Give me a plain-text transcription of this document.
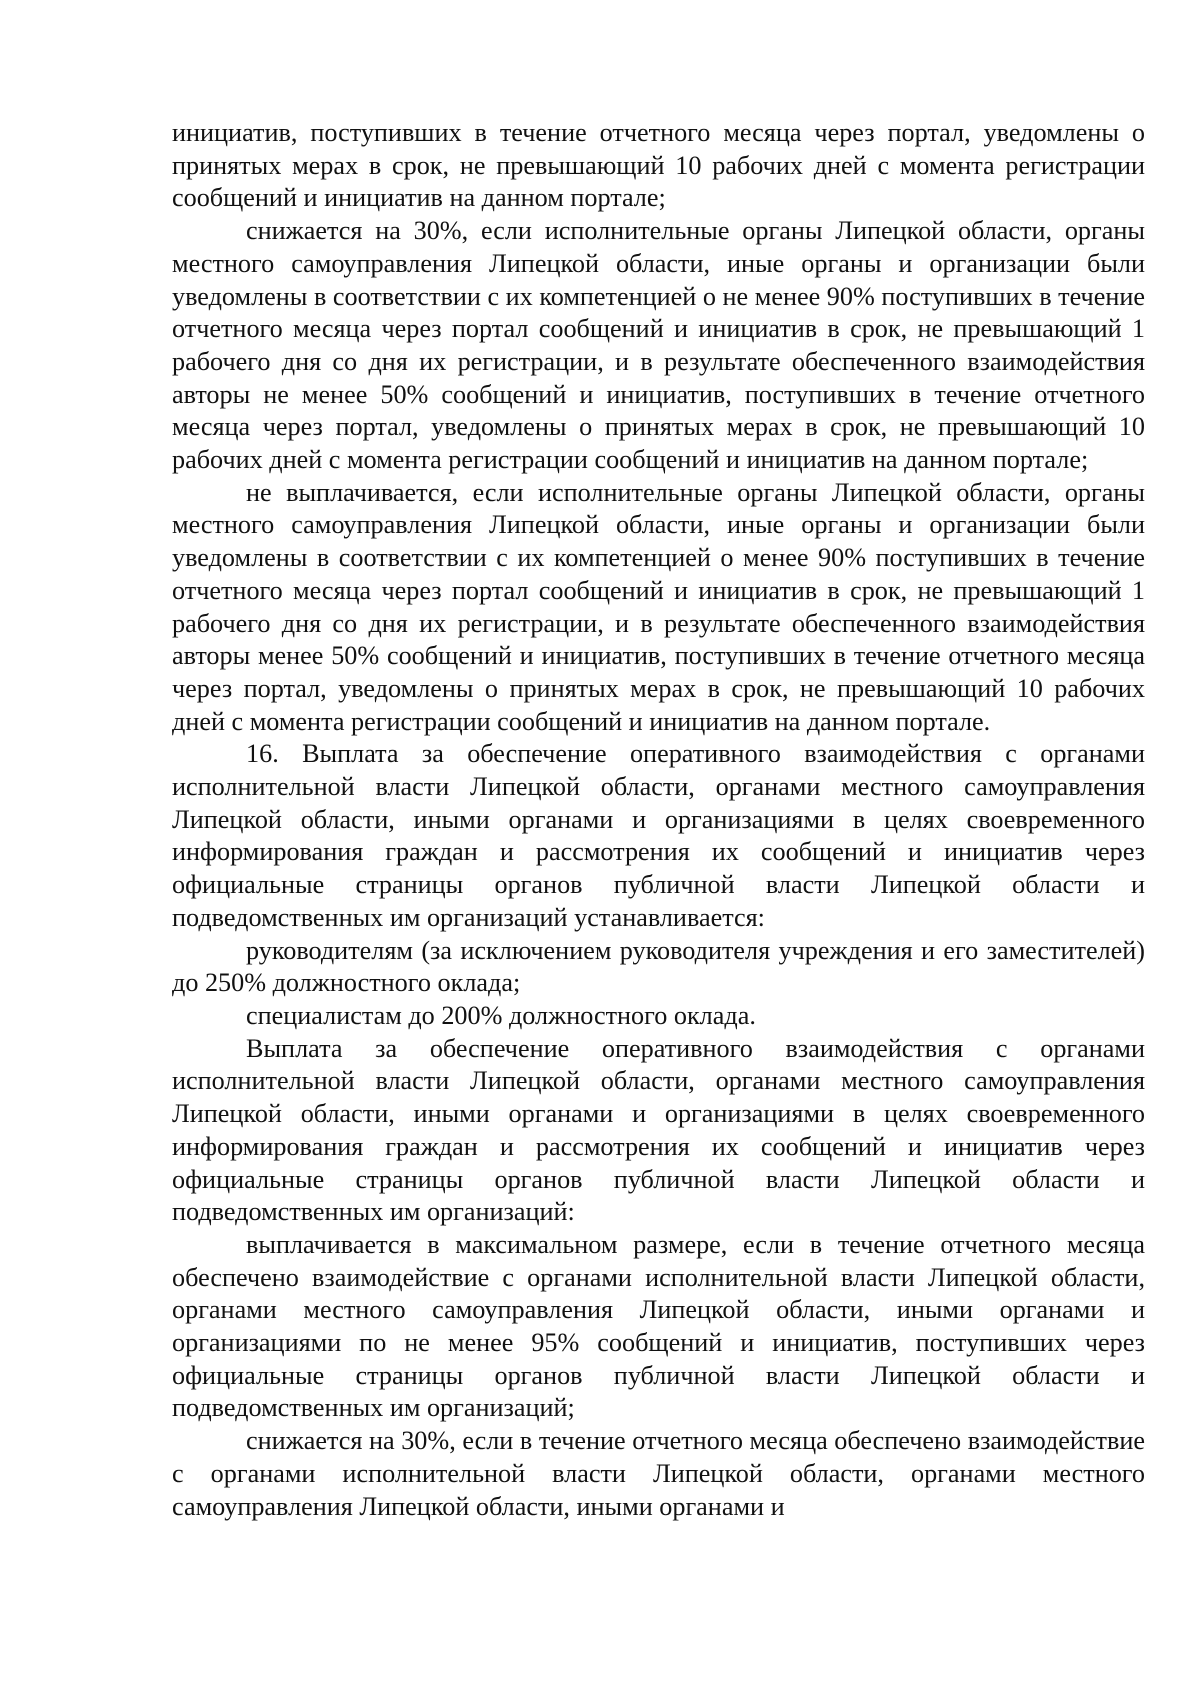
инициатив, поступивших в течение отчетного месяца через портал, уведомлены о принятых мерах в срок, не превышающий 10 рабочих дней с момента регистрации сообщений и инициатив на данном портале;

снижается на 30%, если исполнительные органы Липецкой области, органы местного самоуправления Липецкой области, иные органы и организации были уведомлены в соответствии с их компетенцией о не менее 90% поступивших в течение отчетного месяца через портал сообщений и инициатив в срок, не превышающий 1 рабочего дня со дня их регистрации, и в результате обеспеченного взаимодействия авторы не менее 50% сообщений и инициатив, поступивших в течение отчетного месяца через портал, уведомлены о принятых мерах в срок, не превышающий 10 рабочих дней с момента регистрации сообщений и инициатив на данном портале;

не выплачивается, если исполнительные органы Липецкой области, органы местного самоуправления Липецкой области, иные органы и организации были уведомлены в соответствии с их компетенцией о менее 90% поступивших в течение отчетного месяца через портал сообщений и инициатив в срок, не превышающий 1 рабочего дня со дня их регистрации, и в результате обеспеченного взаимодействия авторы менее 50% сообщений и инициатив, поступивших в течение отчетного месяца через портал, уведомлены о принятых мерах в срок, не превышающий 10 рабочих дней с момента регистрации сообщений и инициатив на данном портале.

16. Выплата за обеспечение оперативного взаимодействия с органами исполнительной власти Липецкой области, органами местного самоуправления Липецкой области, иными органами и организациями в целях своевременного информирования граждан и рассмотрения их сообщений и инициатив через официальные страницы органов публичной власти Липецкой области и подведомственных им организаций устанавливается:

руководителям (за исключением руководителя учреждения и его заместителей) до 250% должностного оклада;

специалистам до 200% должностного оклада.

Выплата за обеспечение оперативного взаимодействия с органами исполнительной власти Липецкой области, органами местного самоуправления Липецкой области, иными органами и организациями в целях своевременного информирования граждан и рассмотрения их сообщений и инициатив через официальные страницы органов публичной власти Липецкой области и подведомственных им организаций:

выплачивается в максимальном размере, если в течение отчетного месяца обеспечено взаимодействие с органами исполнительной власти Липецкой области, органами местного самоуправления Липецкой области, иными органами и организациями по не менее 95% сообщений и инициатив, поступивших через официальные страницы органов публичной власти Липецкой области и подведомственных им организаций;

снижается на 30%, если в течение отчетного месяца обеспечено взаимодействие с органами исполнительной власти Липецкой области, органами местного самоуправления Липецкой области, иными органами и
